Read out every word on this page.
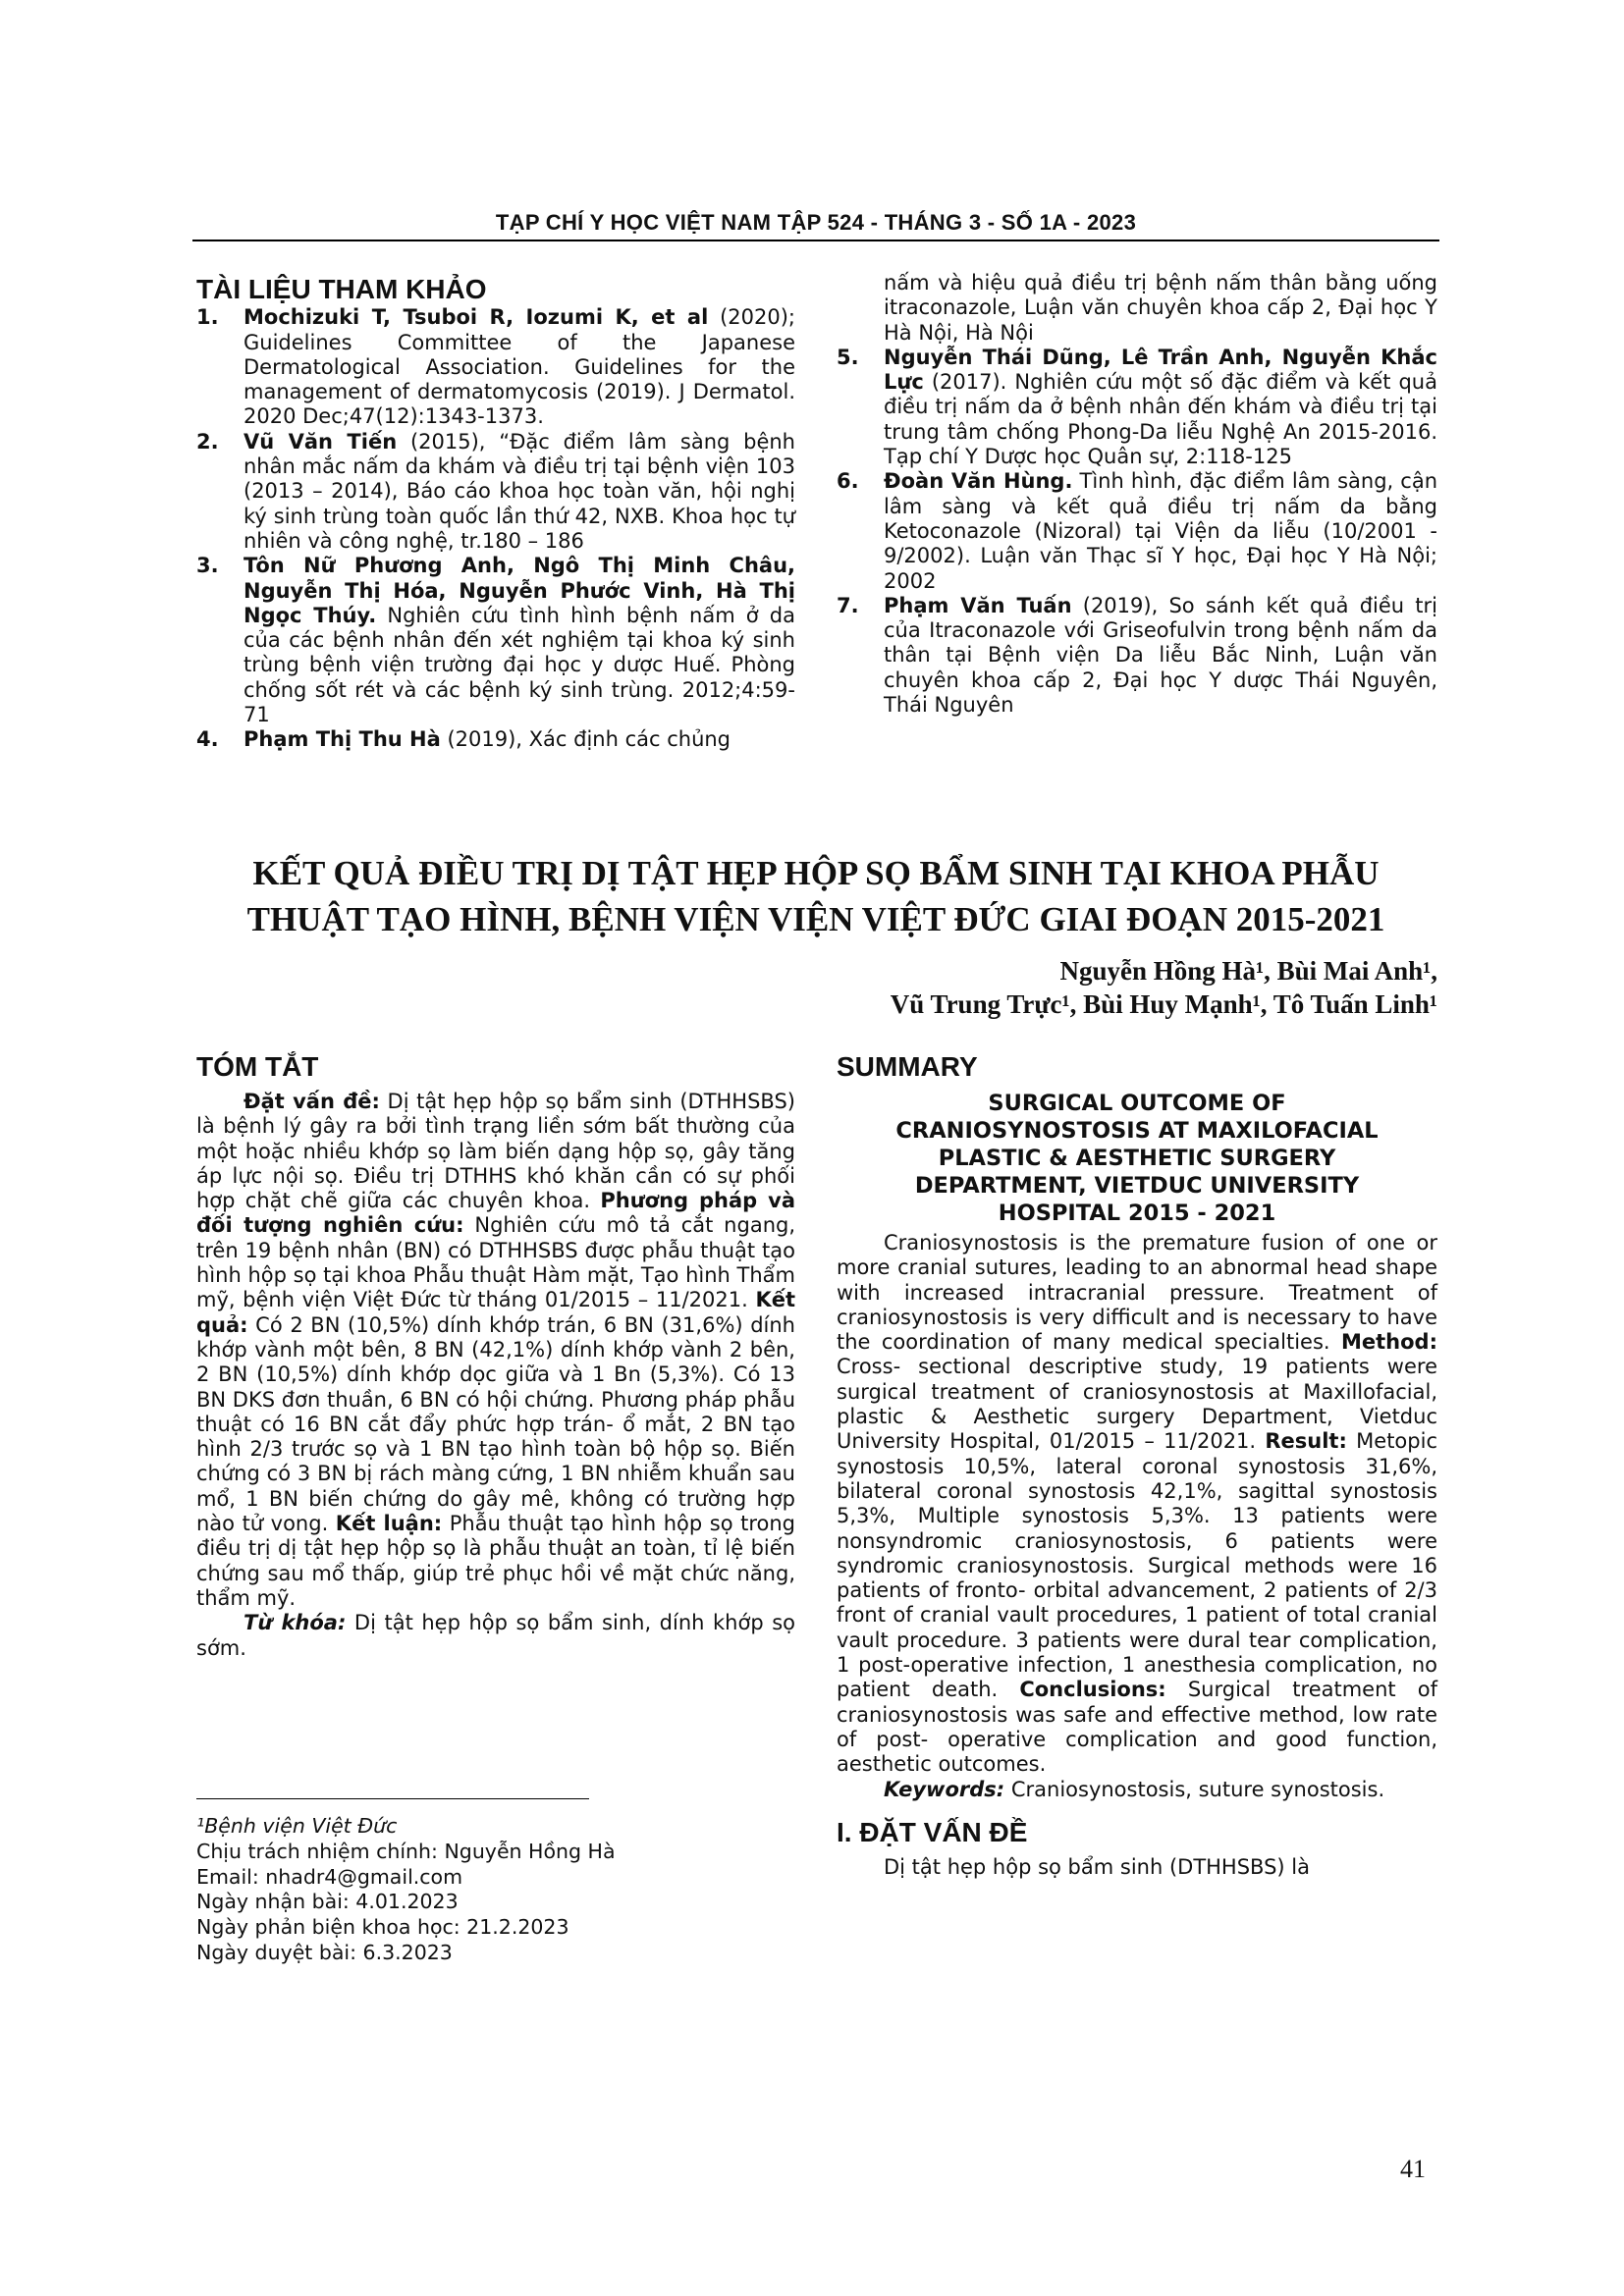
TẠP CHÍ Y HỌC VIỆT NAM TẬP 524 - THÁNG 3 - SỐ 1A - 2023
TÀI LIỆU THAM KHẢO
1.	Mochizuki T, Tsuboi R, Iozumi K, et al (2020); Guidelines Committee of the Japanese Dermatological Association. Guidelines for the management of dermatomycosis (2019). J Dermatol. 2020 Dec;47(12):1343-1373.
2.	Vũ Văn Tiến (2015), “Đặc điểm lâm sàng bệnh nhân mắc nấm da khám và điều trị tại bệnh viện 103 (2013 – 2014), Báo cáo khoa học toàn văn, hội nghị ký sinh trùng toàn quốc lần thứ 42, NXB. Khoa học tự nhiên và công nghệ, tr.180 – 186
3.	Tôn Nữ Phương Anh, Ngô Thị Minh Châu, Nguyễn Thị Hóa, Nguyễn Phước Vinh, Hà Thị Ngọc Thúy. Nghiên cứu tình hình bệnh nấm ở da của các bệnh nhân đến xét nghiệm tại khoa ký sinh trùng bệnh viện trường đại học y dược Huế. Phòng chống sốt rét và các bệnh ký sinh trùng. 2012;4:59-71
4.	Phạm Thị Thu Hà (2019), Xác định các chủng
nấm và hiệu quả điều trị bệnh nấm thân bằng uống itraconazole, Luận văn chuyên khoa cấp 2, Đại học Y Hà Nội, Hà Nội
5.	Nguyễn Thái Dũng, Lê Trần Anh, Nguyễn Khắc Lực (2017). Nghiên cứu một số đặc điểm và kết quả điều trị nấm da ở bệnh nhân đến khám và điều trị tại trung tâm chống Phong-Da liễu Nghệ An 2015-2016. Tạp chí Y Dược học Quân sự, 2:118-125
6.	Đoàn Văn Hùng. Tình hình, đặc điểm lâm sàng, cận lâm sàng và kết quả điều trị nấm da bằng Ketoconazole (Nizoral) tại Viện da liễu (10/2001 - 9/2002). Luận văn Thạc sĩ Y học, Đại học Y Hà Nội; 2002
7.	Phạm Văn Tuấn (2019), So sánh kết quả điều trị của Itraconazole với Griseofulvin trong bệnh nấm da thân tại Bệnh viện Da liễu Bắc Ninh, Luận văn chuyên khoa cấp 2, Đại học Y dược Thái Nguyên, Thái Nguyên
KẾT QUẢ ĐIỀU TRỊ DỊ TẬT HẸP HỘP SỌ BẨM SINH TẠI KHOA PHẪU
THUẬT TẠO HÌNH, BỆNH VIỆN VIỆN VIỆT ĐỨC GIAI ĐOẠN 2015-2021
Nguyễn Hồng Hà¹, Bùi Mai Anh¹,
Vũ Trung Trực¹, Bùi Huy Mạnh¹, Tô Tuấn Linh¹
TÓM TẮT

Đặt vấn đề: Dị tật hẹp hộp sọ bẩm sinh (DTHHSBS) là bệnh lý gây ra bởi tình trạng liền sớm bất thường của một hoặc nhiều khớp sọ làm biến dạng hộp sọ, gây tăng áp lực nội sọ. Điều trị DTHHS khó khăn cần có sự phối hợp chặt chẽ giữa các chuyên khoa. Phương pháp và đối tượng nghiên cứu: Nghiên cứu mô tả cắt ngang, trên 19 bệnh nhân (BN) có DTHHSBS được phẫu thuật tạo hình hộp sọ tại khoa Phẫu thuật Hàm mặt, Tạo hình Thẩm mỹ, bệnh viện Việt Đức từ tháng 01/2015 – 11/2021. Kết quả: Có 2 BN (10,5%) dính khớp trán, 6 BN (31,6%) dính khớp vành một bên, 8 BN (42,1%) dính khớp vành 2 bên, 2 BN (10,5%) dính khớp dọc giữa và 1 Bn (5,3%). Có 13 BN DKS đơn thuần, 6 BN có hội chứng. Phương pháp phẫu thuật có 16 BN cắt đẩy phức hợp trán- ổ mắt, 2 BN tạo hình 2/3 trước sọ và 1 BN tạo hình toàn bộ hộp sọ. Biến chứng có 3 BN bị rách màng cứng, 1 BN nhiễm khuẩn sau mổ, 1 BN biến chứng do gây mê, không có trường hợp nào tử vong. Kết luận: Phẫu thuật tạo hình hộp sọ trong điều trị dị tật hẹp hộp sọ là phẫu thuật an toàn, tỉ lệ biến chứng sau mổ thấp, giúp trẻ phục hồi về mặt chức năng, thẩm mỹ.

Từ khóa: Dị tật hẹp hộp sọ bẩm sinh, dính khớp sọ sớm.

¹Bệnh viện Việt Đức
Chịu trách nhiệm chính: Nguyễn Hồng Hà
Email: nhadr4@gmail.com
Ngày nhận bài: 4.01.2023
Ngày phản biện khoa học: 21.2.2023
Ngày duyệt bài: 6.3.2023
SUMMARY
SURGICAL OUTCOME OF
CRANIOSYNOSTOSIS AT MAXILOFACIAL
PLASTIC & AESTHETIC SURGERY
DEPARTMENT, VIETDUC UNIVERSITY
HOSPITAL 2015 - 2021

Craniosynostosis is the premature fusion of one or more cranial sutures, leading to an abnormal head shape with increased intracranial pressure. Treatment of craniosynostosis is very difficult and is necessary to have the coordination of many medical specialties. Method: Cross- sectional descriptive study, 19 patients were surgical treatment of craniosynostosis at Maxillofacial, plastic & Aesthetic surgery Department, Vietduc University Hospital, 01/2015 – 11/2021. Result: Metopic synostosis 10,5%, lateral coronal synostosis 31,6%, bilateral coronal synostosis 42,1%, sagittal synostosis 5,3%, Multiple synostosis 5,3%. 13 patients were nonsyndromic craniosynostosis, 6 patients were syndromic craniosynostosis. Surgical methods were 16 patients of fronto- orbital advancement, 2 patients of 2/3 front of cranial vault procedures, 1 patient of total cranial vault procedure. 3 patients were dural tear complication, 1 post-operative infection, 1 anesthesia complication, no patient death. Conclusions: Surgical treatment of craniosynostosis was safe and effective method, low rate of post- operative complication and good function, aesthetic outcomes.

Keywords: Craniosynostosis, suture synostosis.

I. ĐẶT VẤN ĐỀ

Dị tật hẹp hộp sọ bẩm sinh (DTHHSBS) là

41
